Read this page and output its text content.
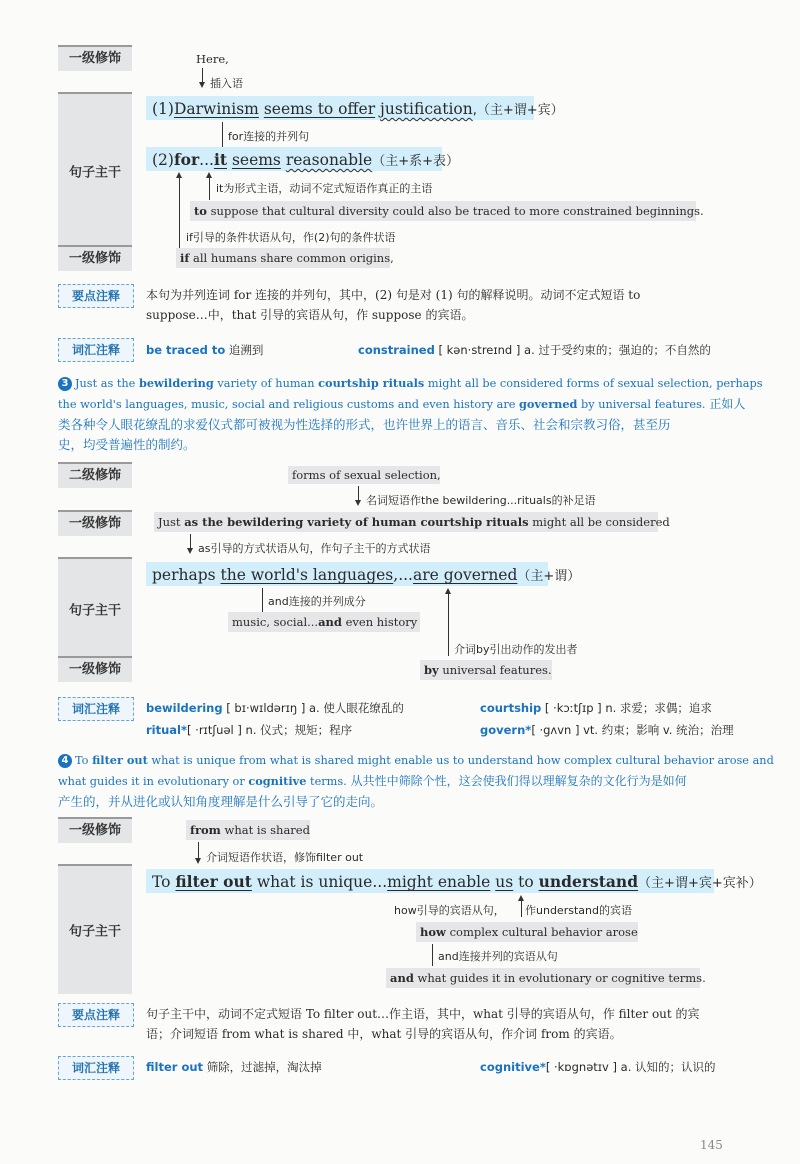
一级修饰
句子主干
一级修饰
Here,
插入语
(1)Darwinism seems to offer justification,（主+谓+宾）
for连接的并列句
(2)for...it seems reasonable（主+系+表）
it为形式主语，动词不定式短语作真正的主语
to suppose that cultural diversity could also be traced to more constrained beginnings.
if引导的条件状语从句，作(2)句的条件状语
if all humans share common origins,
要点注释	本句为并列连词 for 连接的并列句，其中，(2) 句是对 (1) 句的解释说明。动词不定式短语 to
suppose…中，that 引导的宾语从句，作 suppose 的宾语。
词汇注释	be traced to 追溯到	constrained [ kən·streɪnd ] a. 过于受约束的；强迫的；不自然的
3 Just as the bewildering variety of human courtship rituals might all be considered forms of sexual selection, perhaps
the world's languages, music, social and religious customs and even history are governed by universal features. 正如人
类各种令人眼花缭乱的求爱仪式都可被视为性选择的形式，也许世界上的语言、音乐、社会和宗教习俗，甚至历
史，均受普遍性的制约。
二级修饰
一级修饰
句子主干
一级修饰
forms of sexual selection,
名词短语作the bewildering...rituals的补足语
Just as the bewildering variety of human courtship rituals might all be considered
as引导的方式状语从句，作句子主干的方式状语
perhaps the world's languages,...are governed（主+谓）
and连接的并列成分
music, social...and even history
介词by引出动作的发出者
by universal features.
词汇注释	bewildering [ bɪ·wɪldərɪŋ ] a. 使人眼花缭乱的	courtship [ ·kɔːtʃɪp ] n. 求爱；求偶；追求
ritual*[ ·rɪtʃuəl ] n. 仪式；规矩；程序	govern*[ ·gʌvn ] vt. 约束；影响 v. 统治；治理
4 To filter out what is unique from what is shared might enable us to understand how complex cultural behavior arose and
what guides it in evolutionary or cognitive terms. 从共性中筛除个性，这会使我们得以理解复杂的文化行为是如何
产生的，并从进化或认知角度理解是什么引导了它的走向。
一级修饰
句子主干
from what is shared
介词短语作状语，修饰filter out
To filter out what is unique...might enable us to understand（主+谓+宾+宾补）
how引导的宾语从句， 作understand的宾语
how complex cultural behavior arose
and连接并列的宾语从句
and what guides it in evolutionary or cognitive terms.
要点注释	句子主干中，动词不定式短语 To filter out…作主语，其中，what 引导的宾语从句，作 filter out 的宾
语；介词短语 from what is shared 中，what 引导的宾语从句，作介词 from 的宾语。
词汇注释	filter out 筛除，过滤掉，淘汰掉	cognitive*[ ·kɒgnətɪv ] a. 认知的；认识的
145
